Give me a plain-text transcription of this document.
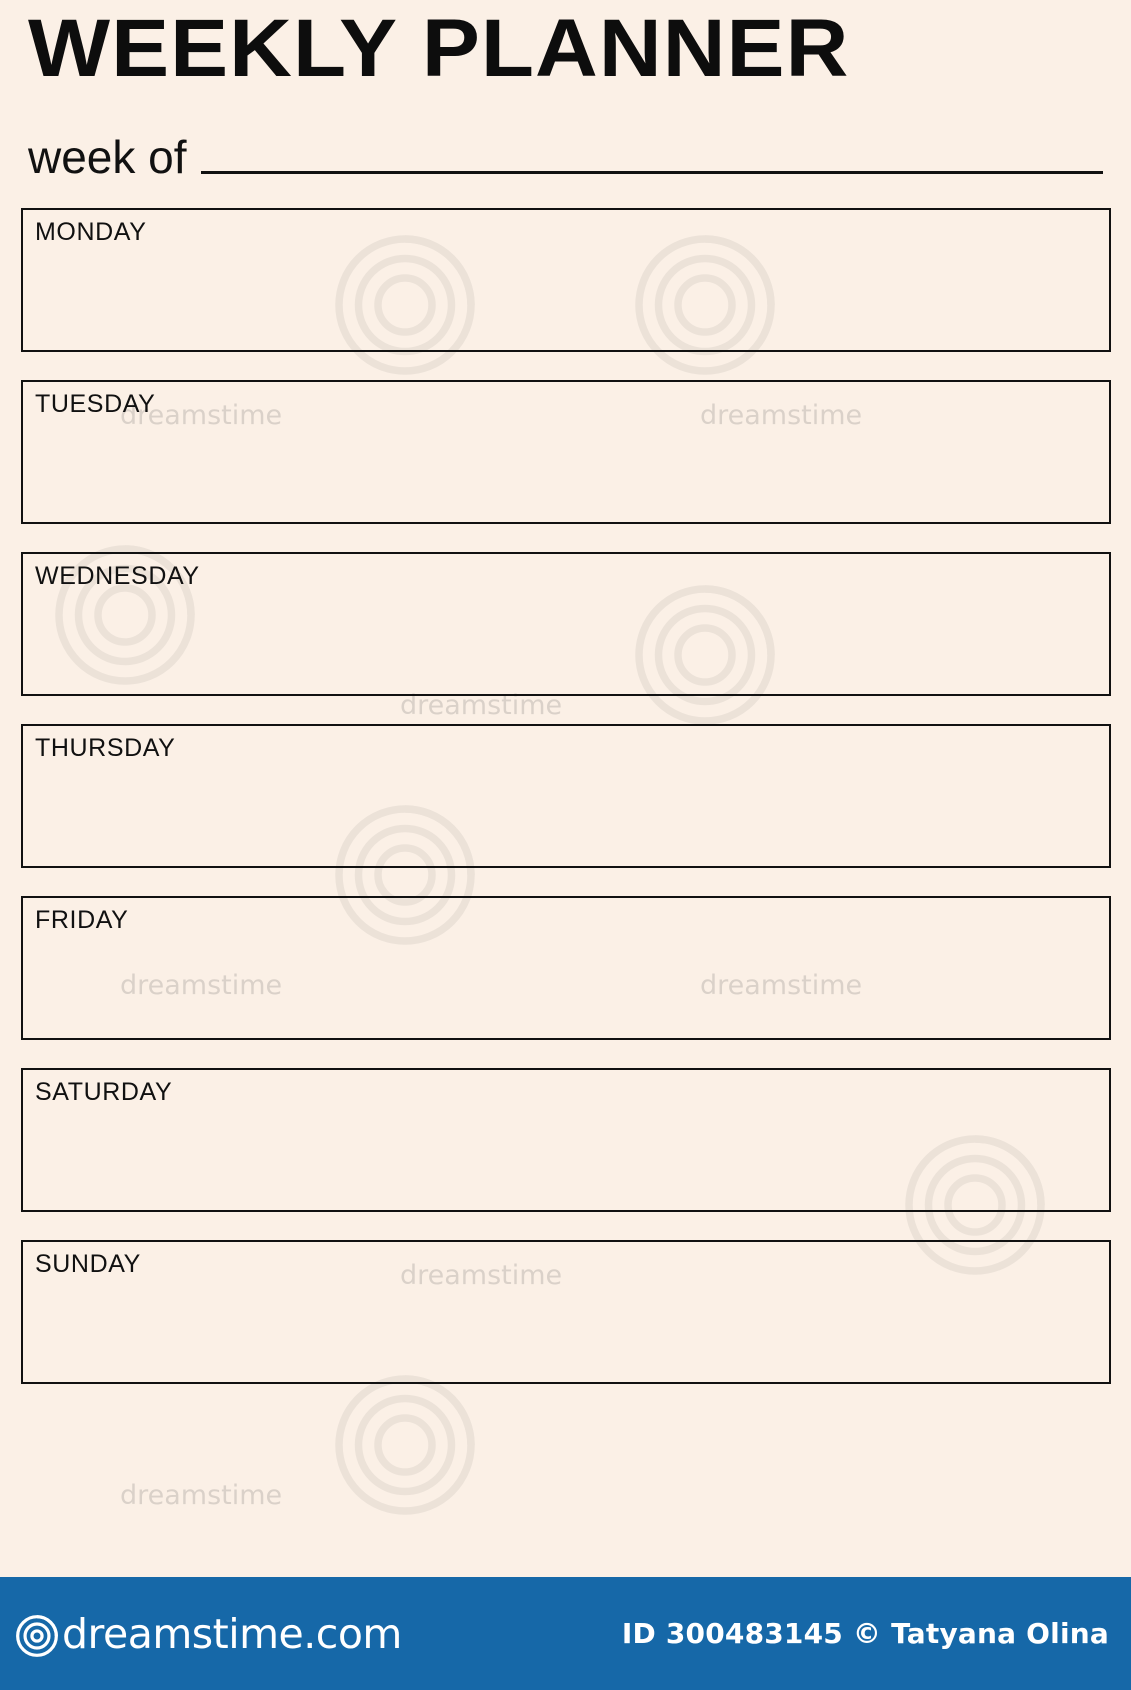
dreamstime	dreamstime
dreamstime
dreamstime	dreamstime
dreamstime
dreamstime
WEEKLY PLANNER
week of
MONDAY
TUESDAY
WEDNESDAY
THURSDAY
FRIDAY
SATURDAY
SUNDAY
dreamstime.com	ID 300483145 © Tatyana Olina
